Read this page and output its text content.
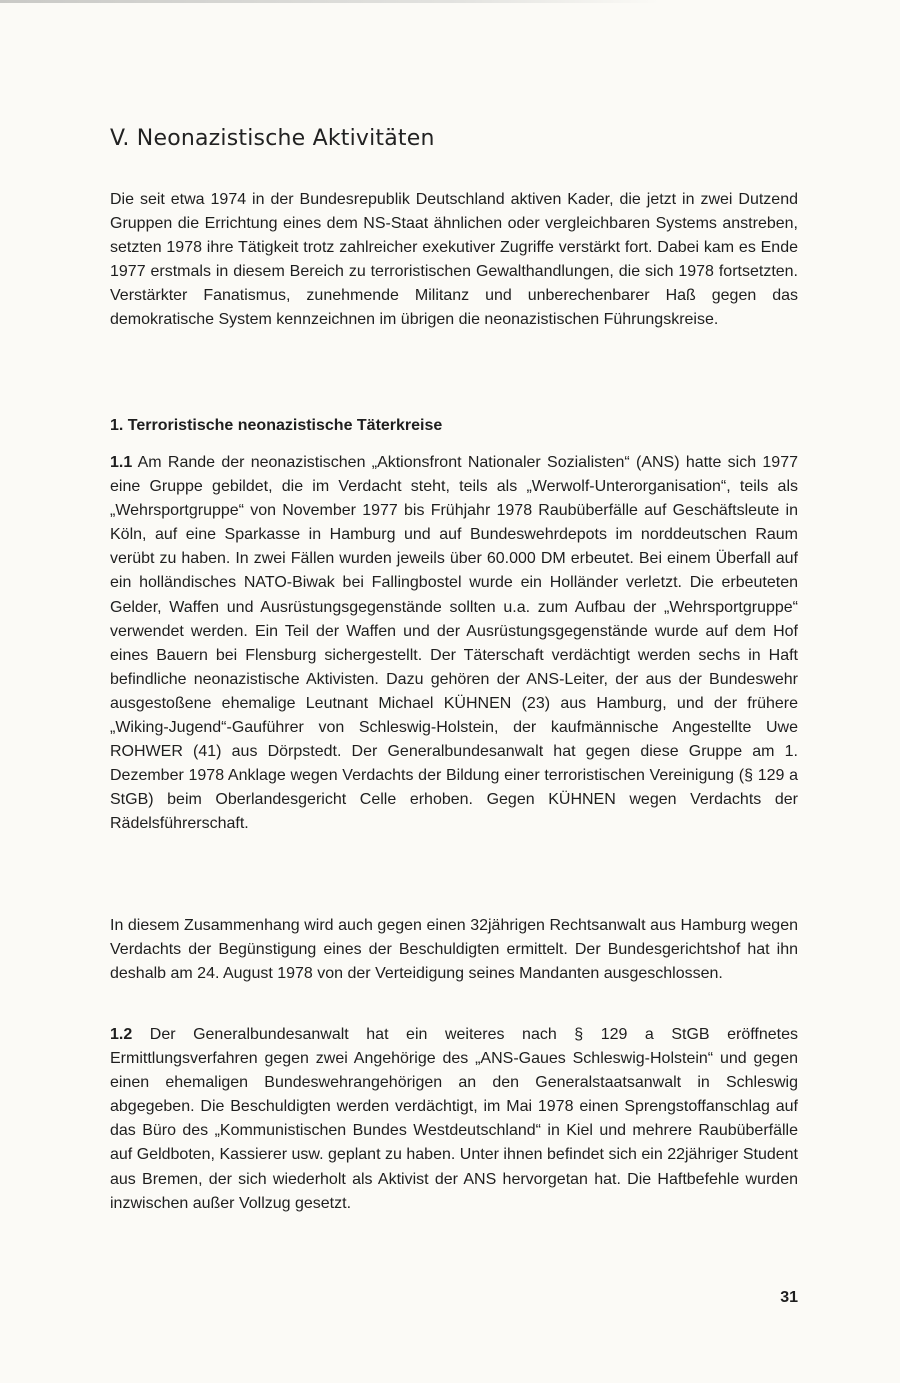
V. Neonazistische Aktivitäten

Die seit etwa 1974 in der Bundesrepublik Deutschland aktiven Kader, die jetzt in zwei Dutzend Gruppen die Errichtung eines dem NS-Staat ähnlichen oder vergleichbaren Systems anstreben, setzten 1978 ihre Tätigkeit trotz zahlreicher exekutiver Zugriffe verstärkt fort. Dabei kam es Ende 1977 erstmals in diesem Bereich zu terroristischen Gewalthandlungen, die sich 1978 fortsetzten. Verstärkter Fanatismus, zunehmende Militanz und unberechenbarer Haß gegen das demokratische System kennzeichnen im übrigen die neonazistischen Führungskreise.

1. Terroristische neonazistische Täterkreise

1.1 Am Rande der neonazistischen „Aktionsfront Nationaler Sozialisten“ (ANS) hatte sich 1977 eine Gruppe gebildet, die im Verdacht steht, teils als „Werwolf-Unterorganisation“, teils als „Wehrsportgruppe“ von November 1977 bis Frühjahr 1978 Raubüberfälle auf Geschäftsleute in Köln, auf eine Sparkasse in Hamburg und auf Bundeswehrdepots im norddeutschen Raum verübt zu haben. In zwei Fällen wurden jeweils über 60.000 DM erbeutet. Bei einem Überfall auf ein holländisches NATO-Biwak bei Fallingbostel wurde ein Holländer verletzt. Die erbeuteten Gelder, Waffen und Ausrüstungsgegenstände sollten u.a. zum Aufbau der „Wehrsportgruppe“ verwendet werden. Ein Teil der Waffen und der Ausrüstungsgegenstände wurde auf dem Hof eines Bauern bei Flensburg sichergestellt. Der Täterschaft verdächtigt werden sechs in Haft befindliche neonazistische Aktivisten. Dazu gehören der ANS-Leiter, der aus der Bundeswehr ausgestoßene ehemalige Leutnant Michael KÜHNEN (23) aus Hamburg, und der frühere „Wiking-Jugend“-Gauführer von Schleswig-Holstein, der kaufmännische Angestellte Uwe ROHWER (41) aus Dörpstedt. Der Generalbundesanwalt hat gegen diese Gruppe am 1. Dezember 1978 Anklage wegen Verdachts der Bildung einer terroristischen Vereinigung (§ 129 a StGB) beim Oberlandesgericht Celle erhoben. Gegen KÜHNEN wegen Verdachts der Rädelsführerschaft.

In diesem Zusammenhang wird auch gegen einen 32jährigen Rechtsanwalt aus Hamburg wegen Verdachts der Begünstigung eines der Beschuldigten ermittelt. Der Bundesgerichtshof hat ihn deshalb am 24. August 1978 von der Verteidigung seines Mandanten ausgeschlossen.

1.2 Der Generalbundesanwalt hat ein weiteres nach § 129 a StGB eröffnetes Ermittlungsverfahren gegen zwei Angehörige des „ANS-Gaues Schleswig-Holstein“ und gegen einen ehemaligen Bundeswehrangehörigen an den Generalstaatsanwalt in Schleswig abgegeben. Die Beschuldigten werden verdächtigt, im Mai 1978 einen Sprengstoffanschlag auf das Büro des „Kommunistischen Bundes Westdeutschland“ in Kiel und mehrere Raubüberfälle auf Geldboten, Kassierer usw. geplant zu haben. Unter ihnen befindet sich ein 22jähriger Student aus Bremen, der sich wiederholt als Aktivist der ANS hervorgetan hat. Die Haftbefehle wurden inzwischen außer Vollzug gesetzt.

31
